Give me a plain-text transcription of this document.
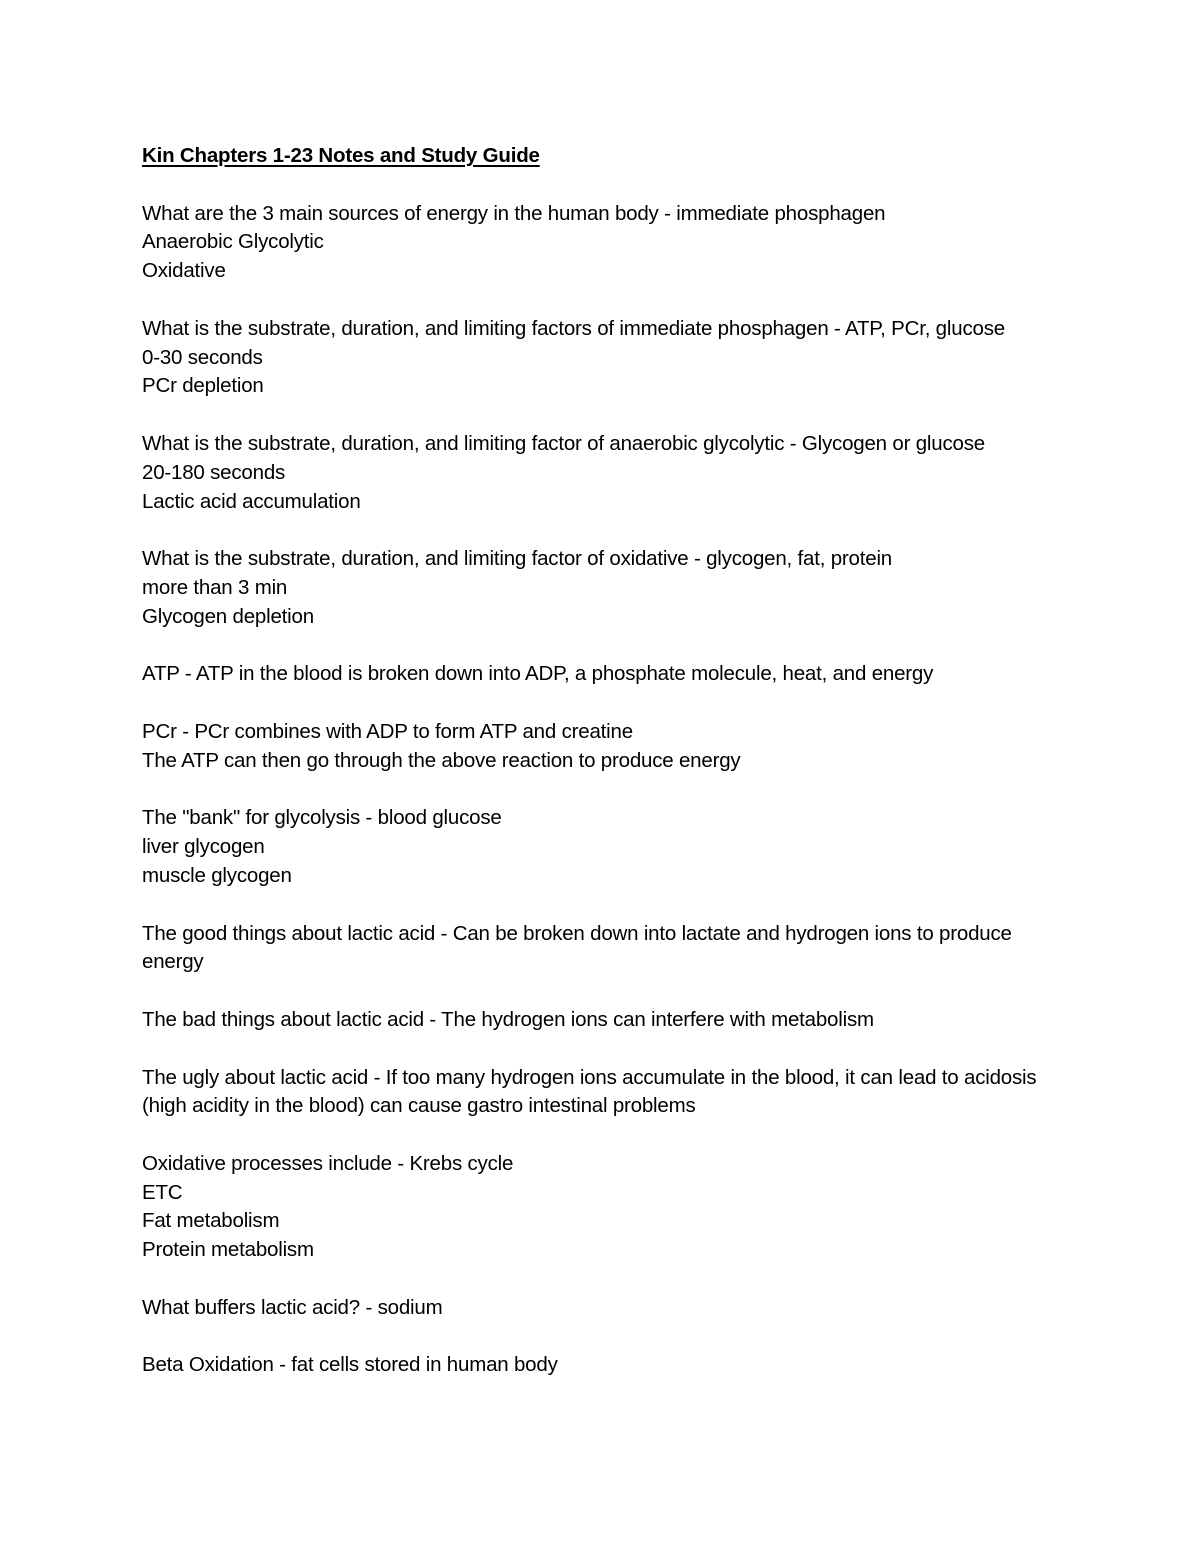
Kin Chapters 1-23 Notes and Study Guide

What are the 3 main sources of energy in the human body - immediate phosphagen
Anaerobic Glycolytic
Oxidative
What is the substrate, duration, and limiting factors of immediate phosphagen - ATP, PCr, glucose
0-30 seconds
PCr depletion
What is the substrate, duration, and limiting factor of anaerobic glycolytic - Glycogen or glucose
20-180 seconds
Lactic acid accumulation
What is the substrate, duration, and limiting factor of oxidative - glycogen, fat, protein
more than 3 min
Glycogen depletion
ATP - ATP in the blood is broken down into ADP, a phosphate molecule, heat, and energy
PCr - PCr combines with ADP to form ATP and creatine
The ATP can then go through the above reaction to produce energy
The "bank" for glycolysis - blood glucose
liver glycogen
muscle glycogen
The good things about lactic acid - Can be broken down into lactate and hydrogen ions to produce energy
The bad things about lactic acid - The hydrogen ions can interfere with metabolism
The ugly about lactic acid - If too many hydrogen ions accumulate in the blood, it can lead to acidosis (high acidity in the blood) can cause gastro intestinal problems
Oxidative processes include - Krebs cycle
ETC
Fat metabolism
Protein metabolism
What buffers lactic acid? - sodium
Beta Oxidation - fat cells stored in human body
